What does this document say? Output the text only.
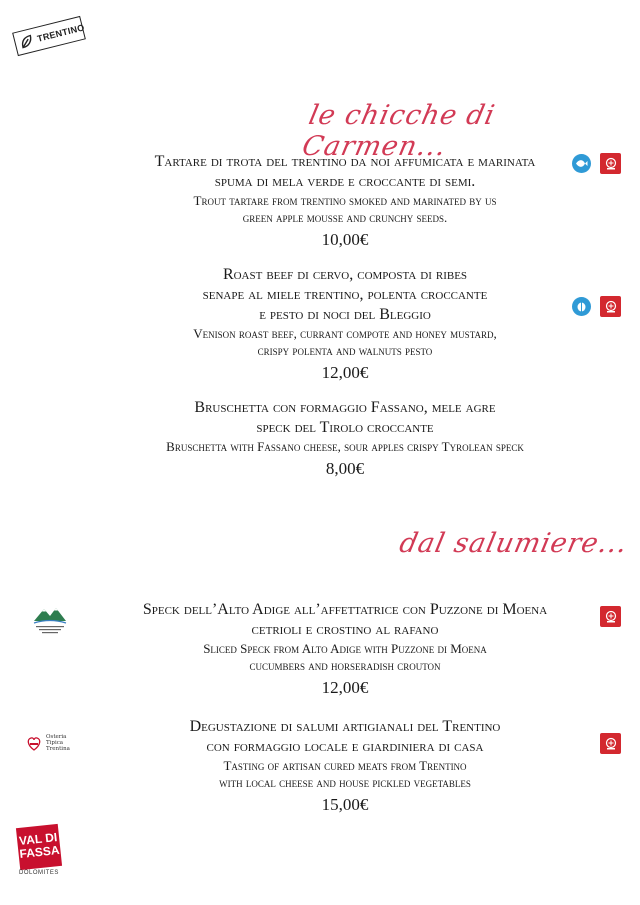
TRENTINO
le chicche di Carmen...
Tartare di trota del trentino da noi affumicata e marinata
spuma di mela verde e croccante di semi.
Trout tartare from trentino smoked and marinated by us
green apple mousse and crunchy seeds.
10,00€
Roast beef di cervo, composta di ribes
senape al miele trentino, polenta croccante
e pesto di noci del Bleggio
Venison roast beef, currant compote and honey mustard,
crispy polenta and walnuts pesto
12,00€
Bruschetta con formaggio Fassano, mele agre
speck del Tirolo croccante
Bruschetta with Fassano cheese, sour apples crispy Tyrolean speck
8,00€
dal salumiere...
Speck dell’Alto Adige all’affettatrice con Puzzone di Moena
cetrioli e crostino al rafano
Sliced Speck from Alto Adige with Puzzone di Moena
cucumbers and horseradish crouton
12,00€
Osteria
Tipica
Trentina
Degustazione di salumi artigianali del Trentino
con formaggio locale e giardiniera di casa
Tasting of artisan cured meats from Trentino
with local cheese and house pickled vegetables
15,00€
VAL DI
FASSA
DOLOMITES
